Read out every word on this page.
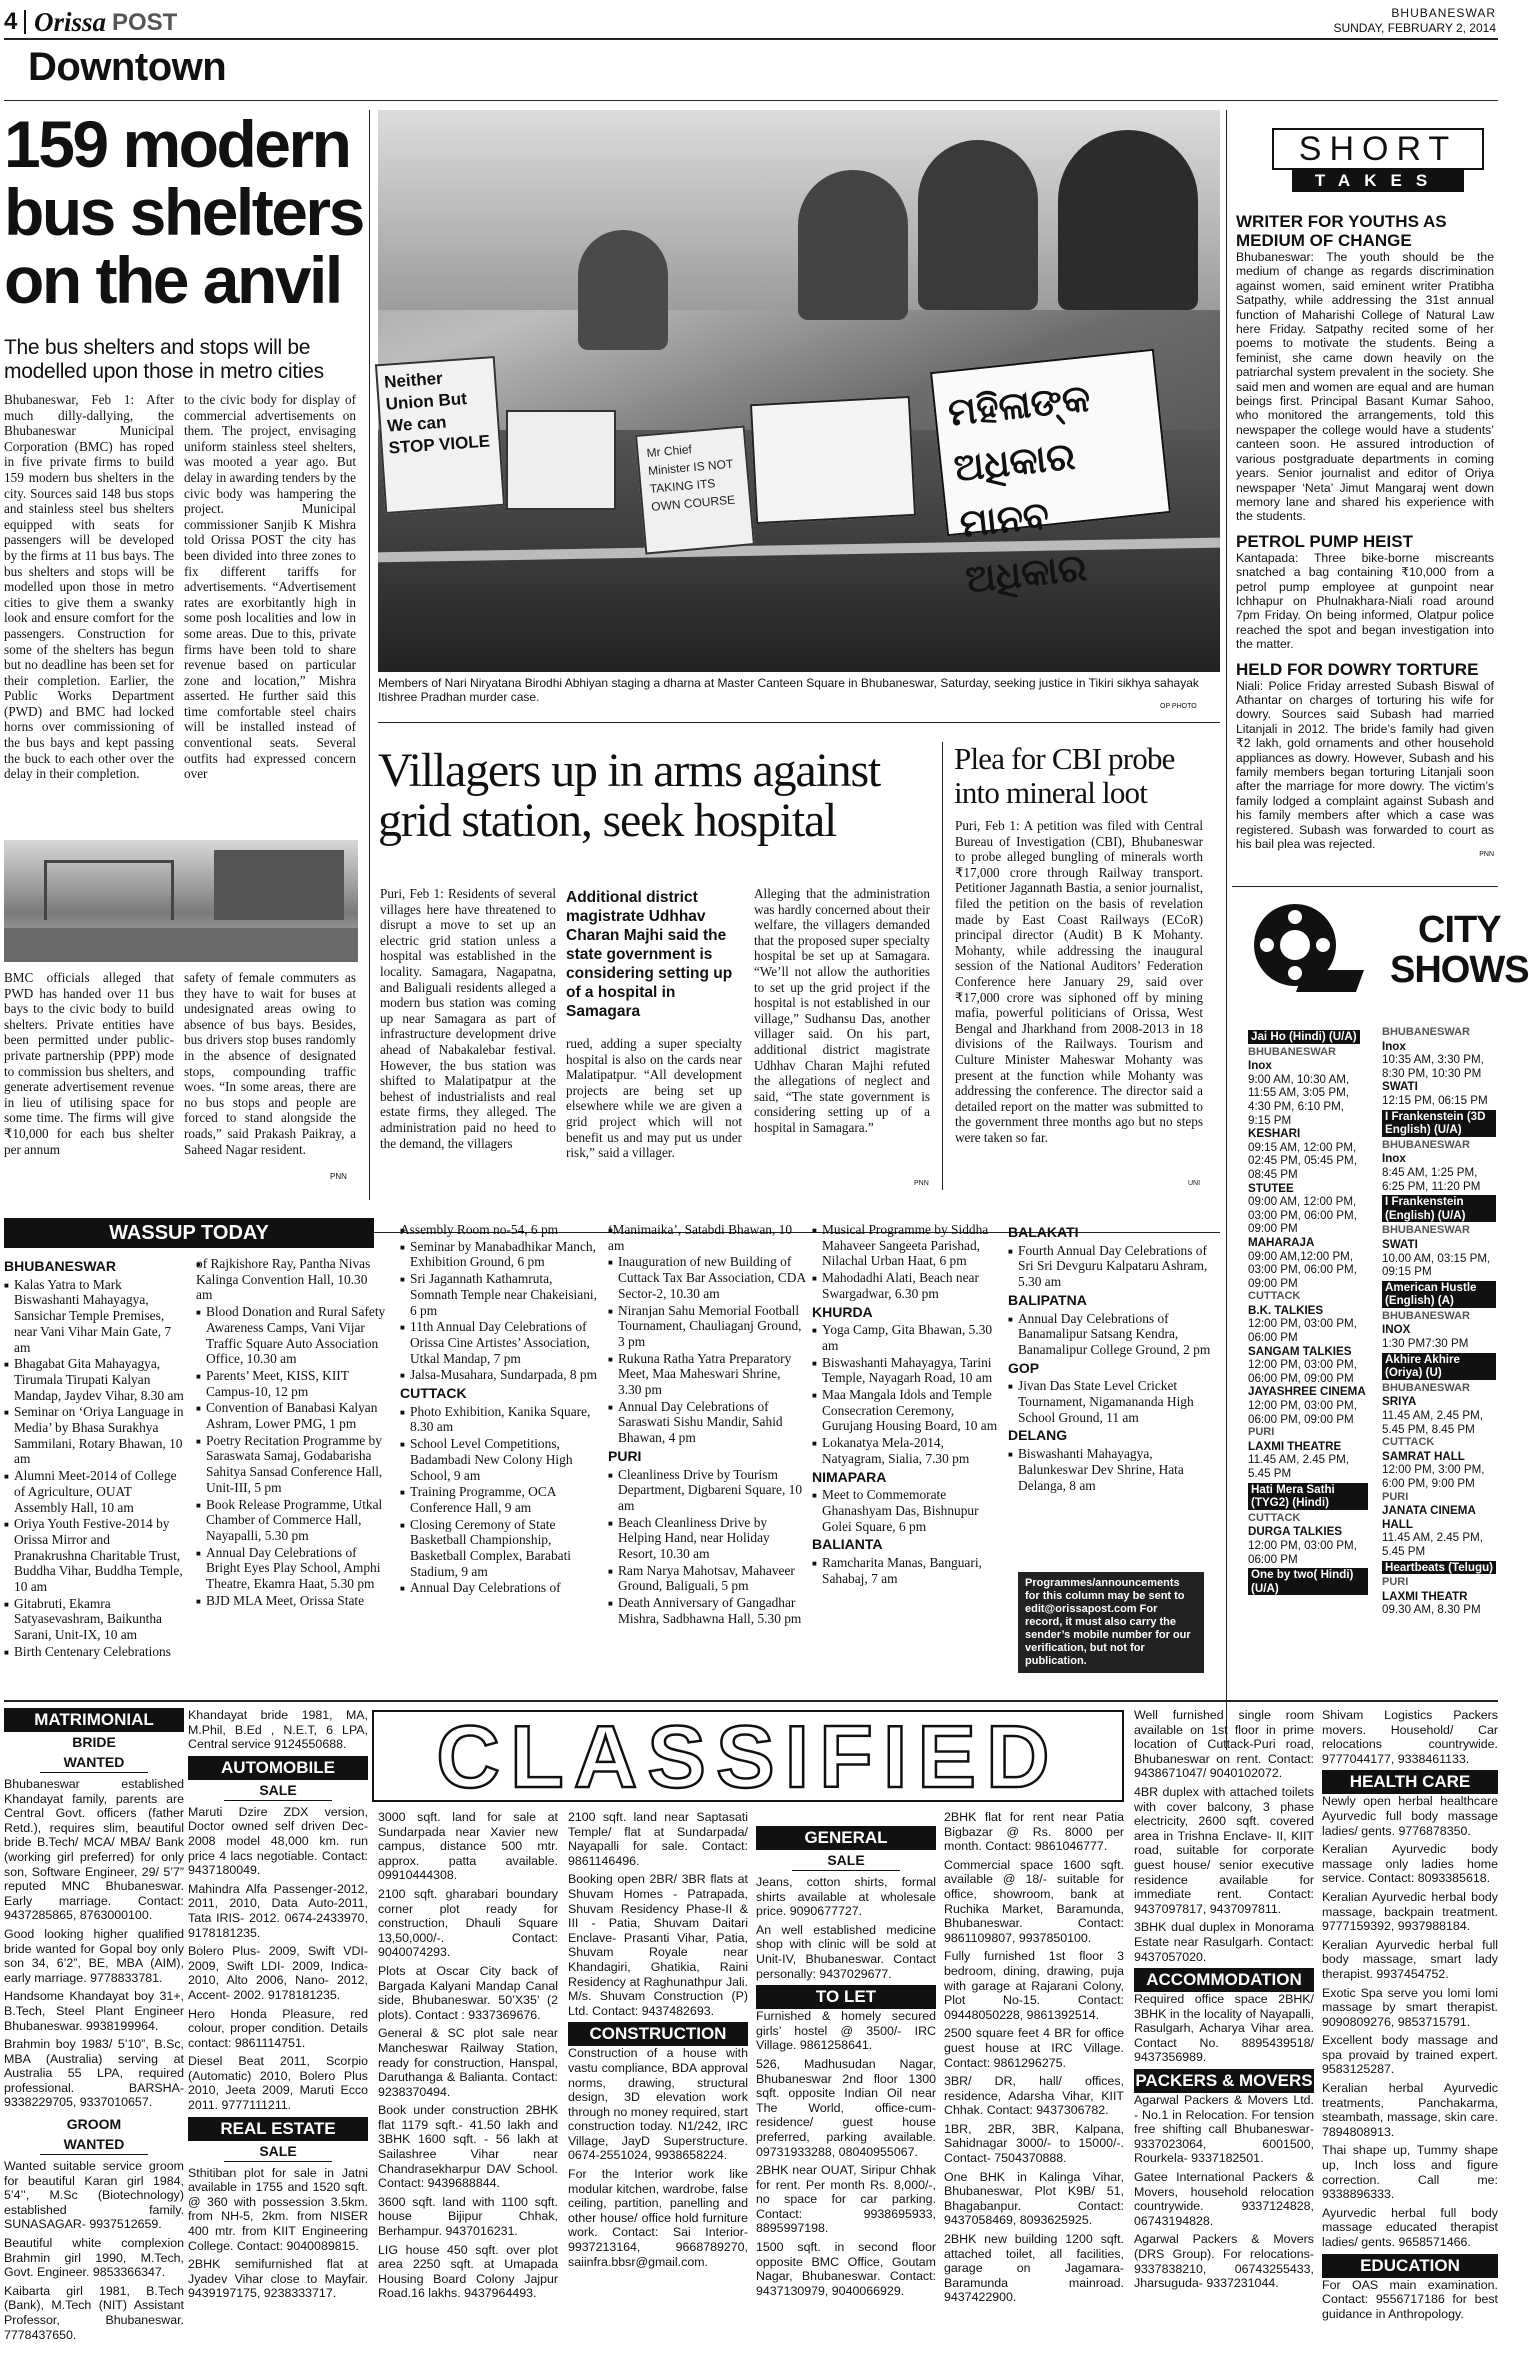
4 Orissa POST	BHUBANESWAR
SUNDAY, FEBRUARY 2, 2014
Downtown
159 modern bus shelters on the anvil
The bus shelters and stops will be modelled upon those in metro cities
Bhubaneswar, Feb 1: After much dilly-dallying, the Bhubaneswar Municipal Corporation (BMC) has roped in five private firms to build 159 modern bus shelters in the city. Sources said 148 bus stops and stainless steel bus shelters equipped with seats for passengers will be developed by the firms at 11 bus bays. The bus shelters and stops will be modelled upon those in metro cities to give them a swanky look and ensure comfort for the passengers. Construction for some of the shelters has begun but no deadline has been set for their completion. Earlier, the Public Works Department (PWD) and BMC had locked horns over commissioning of the bus bays and kept passing the buck to each other over the delay in their completion.
to the civic body for display of commercial advertisements on them. The project, envisaging uniform stainless steel shelters, was mooted a year ago. But delay in awarding tenders by the civic body was hampering the project. Municipal commissioner Sanjib K Mishra told Orissa POST the city has been divided into three zones to fix different tariffs for advertisements. “Advertisement rates are exorbitantly high in some posh localities and low in some areas. Due to this, private firms have been told to share revenue based on particular zone and location,” Mishra asserted. He further said this time comfortable steel chairs will be installed instead of conventional seats. Several outfits had expressed concern over
BMC officials alleged that PWD has handed over 11 bus bays to the civic body to build shelters. Private entities have been permitted under public-private partnership (PPP) mode to commission bus shelters, and generate advertisement revenue in lieu of utilising space for some time. The firms will give ₹10,000 for each bus shelter per annum
safety of female commuters as they have to wait for buses at undesignated areas owing to absence of bus bays. Besides, bus drivers stop buses randomly in the absence of designated stops, compounding traffic woes. “In some areas, there are no bus stops and people are forced to stand alongside the roads,” said Prakash Paikray, a Saheed Nagar resident.
PNN
Neither Union But We can STOP VIOLE	Mr Chief Minister IS NOT TAKING ITS OWN COURSE
ମହିଳାଙ୍କ ଅଧିକାର ମାନବ ଅଧିକାର
Members of Nari Niryatana Birodhi Abhiyan staging a dharna at Master Canteen Square in Bhubaneswar, Saturday, seeking justice in Tikiri sikhya sahayak Itishree Pradhan murder case.
OP PHOTO
Villagers up in arms against grid station, seek hospital
Puri, Feb 1: Residents of several villages here have threatened to disrupt a move to set up an electric grid station unless a hospital was established in the locality. Samagara, Nagapatna, and Baliguali residents alleged a modern bus station was coming up near Samagara as part of infrastructure development drive ahead of Nabakalebar festival. However, the bus station was shifted to Malatipatpur at the behest of industrialists and real estate firms, they alleged. The administration paid no heed to the demand, the villagers
Additional district magistrate Udhhav Charan Majhi said the state government is considering setting up of a hospital in Samagara
rued, adding a super specialty hospital is also on the cards near Malatipatpur. “All development projects are being set up elsewhere while we are given a grid project which will not benefit us and may put us under risk,” said a villager.
Alleging that the administration was hardly concerned about their welfare, the villagers demanded that the proposed super specialty hospital be set up at Samagara. “We’ll not allow the authorities to set up the grid project if the hospital is not established in our village,” Sudhansu Das, another villager said. On his part, additional district magistrate Udhhav Charan Majhi refuted the allegations of neglect and said, “The state government is considering setting up of a hospital in Samagara.”
PNN
Plea for CBI probe into mineral loot
Puri, Feb 1: A petition was filed with Central Bureau of Investigation (CBI), Bhubaneswar to probe alleged bungling of minerals worth ₹17,000 crore through Railway transport. Petitioner Jagannath Bastia, a senior journalist, filed the petition on the basis of revelation made by East Coast Railways (ECoR) principal director (Audit) B K Mohanty. Mohanty, while addressing the inaugural session of the National Auditors’ Federation Conference here January 29, said over ₹17,000 crore was siphoned off by mining mafia, powerful politicians of Orissa, West Bengal and Jharkhand from 2008-2013 in 18 divisions of the Railways. Tourism and Culture Minister Maheswar Mohanty was present at the function while Mohanty was addressing the conference. The director said a detailed report on the matter was submitted to the government three months ago but no steps were taken so far.
UNI
SHORT
TAKES
WRITER FOR YOUTHS AS MEDIUM OF CHANGE
Bhubaneswar: The youth should be the medium of change as regards discrimination against women, said eminent writer Pratibha Satpathy, while addressing the 31st annual function of Maharishi College of Natural Law here Friday. Satpathy recited some of her poems to motivate the students. Being a feminist, she came down heavily on the patriarchal system prevalent in the society. She said men and women are equal and are human beings first. Principal Basant Kumar Sahoo, who monitored the arrangements, told this newspaper the college would have a students’ canteen soon. He assured introduction of various postgraduate departments in coming years. Senior journalist and editor of Oriya newspaper ‘Neta’ Jimut Mangaraj went down memory lane and shared his experience with the students.
PETROL PUMP HEIST
Kantapada: Three bike-borne miscreants snatched a bag containing ₹10,000 from a petrol pump employee at gunpoint near Ichhapur on Phulnakhara-Niali road around 7pm Friday. On being informed, Olatpur police reached the spot and began investigation into the matter.
HELD FOR DOWRY TORTURE
Niali: Police Friday arrested Subash Biswal of Athantar on charges of torturing his wife for dowry. Sources said Subash had married Litanjali in 2012. The bride’s family had given ₹2 lakh, gold ornaments and other household appliances as dowry. However, Subash and his family members began torturing Litanjali soon after the marriage for more dowry. The victim’s family lodged a complaint against Subash and his family members after which a case was registered. Subash was forwarded to court as his bail plea was rejected.
PNN
CITY
SHOWS
Jai Ho (Hindi) (U/A)
BHUBANESWAR
Inox
9:00 AM, 10:30 AM, 11:55 AM, 3:05 PM, 4:30 PM, 6:10 PM, 9:15 PM
KESHARI
09:15 AM, 12:00 PM, 02:45 PM, 05:45 PM, 08:45 PM
STUTEE
09:00 AM, 12:00 PM, 03:00 PM, 06:00 PM, 09:00 PM
MAHARAJA
09:00 AM,12:00 PM, 03:00 PM, 06:00 PM, 09:00 PM
CUTTACK
B.K. TALKIES
12:00 PM, 03:00 PM, 06:00 PM
SANGAM TALKIES
12:00 PM, 03:00 PM, 06:00 PM, 09:00 PM
JAYASHREE CINEMA
12:00 PM, 03:00 PM, 06:00 PM, 09:00 PM
PURI
LAXMI THEATRE
11.45 AM, 2.45 PM, 5.45 PM
Hati Mera Sathi (TYG2) (Hindi)
CUTTACK
DURGA TALKIES
12:00 PM, 03:00 PM, 06:00 PM
One by two( Hindi) (U/A)
BHUBANESWAR
Inox
10:35 AM, 3:30 PM, 8:30 PM, 10:30 PM
SWATI
12:15 PM, 06:15 PM
I Frankenstein (3D English) (U/A)
BHUBANESWAR
Inox
8:45 AM, 1:25 PM, 6:25 PM, 11:20 PM
I Frankenstein (English) (U/A)
BHUBANESWAR
SWATI
10.00 AM, 03:15 PM, 09:15 PM
American Hustle (English) (A)
BHUBANESWAR
INOX
1:30 PM7:30 PM
Akhire Akhire (Oriya) (U)
BHUBANESWAR
SRIYA
11.45 AM, 2.45 PM, 5.45 PM, 8.45 PM
CUTTACK
SAMRAT HALL
12:00 PM, 3:00 PM, 6:00 PM, 9:00 PM
PURI
JANATA CINEMA HALL
11.45 AM, 2.45 PM, 5.45 PM
Heartbeats (Telugu)
PURI
LAXMI THEATR
09.30 AM, 8.30 PM
WASSUP TODAY
BHUBANESWAR
■ Kalas Yatra to Mark Biswashanti Mahayagya, Sansichar Temple Premises, near Vani Vihar Main Gate, 7 am
■ Bhagabat Gita Mahayagya, Tirumala Tirupati Kalyan Mandap, Jaydev Vihar, 8.30 am
■ Seminar on ‘Oriya Language in Media’ by Bhasa Surakhya Sammilani, Rotary Bhawan, 10 am
■ Alumni Meet-2014 of College of Agriculture, OUAT Assembly Hall, 10 am
■ Oriya Youth Festive-2014 by Orissa Mirror and Pranakrushna Charitable Trust, Buddha Vihar, Buddha Temple, 10 am
■ Gitabruti, Ekamra Satyasevashram, Baikuntha Sarani, Unit-IX, 10 am
■ Birth Centenary Celebrations
■ of Rajkishore Ray, Pantha Nivas Kalinga Convention Hall, 10.30 am
■ Blood Donation and Rural Safety Awareness Camps, Vani Vijar Traffic Square Auto Association Office, 10.30 am
■ Parents’ Meet, KISS, KIIT Campus-10, 12 pm
■ Convention of Banabasi Kalyan Ashram, Lower PMG, 1 pm
■ Poetry Recitation Programme by Saraswata Samaj, Godabarisha Sahitya Sansad Conference Hall, Unit-III, 5 pm
■ Book Release Programme, Utkal Chamber of Commerce Hall, Nayapalli, 5.30 pm
■ Annual Day Celebrations of Bright Eyes Play School, Amphi Theatre, Ekamra Haat, 5.30 pm
■ BJD MLA Meet, Orissa State
■ Assembly Room no-54, 6 pm
■ Seminar by Manabadhikar Manch, Exhibition Ground, 6 pm
■ Sri Jagannath Kathamruta, Somnath Temple near Chakeisiani, 6 pm
■ 11th Annual Day Celebrations of Orissa Cine Artistes’ Association, Utkal Mandap, 7 pm
■ Jalsa-Musahara, Sundarpada, 8 pm
CUTTACK
■ Photo Exhibition, Kanika Square, 8.30 am
■ School Level Competitions, Badambadi New Colony High School, 9 am
■ Training Programme, OCA Conference Hall, 9 am
■ Closing Ceremony of State Basketball Championship, Basketball Complex, Barabati Stadium, 9 am
■ Annual Day Celebrations of
■ ‘Manimaika’, Satabdi Bhawan, 10 am
■ Inauguration of new Building of Cuttack Tax Bar Association, CDA Sector-2, 10.30 am
■ Niranjan Sahu Memorial Football Tournament, Chauliaganj Ground, 3 pm
■ Rukuna Ratha Yatra Preparatory Meet, Maa Maheswari Shrine, 3.30 pm
■ Annual Day Celebrations of Saraswati Sishu Mandir, Sahid Bhawan, 4 pm
PURI
■ Cleanliness Drive by Tourism Department, Digbareni Square, 10 am
■ Beach Cleanliness Drive by Helping Hand, near Holiday Resort, 10.30 am
■ Ram Narya Mahotsav, Mahaveer Ground, Baliguali, 5 pm
■ Death Anniversary of Gangadhar Mishra, Sadbhawna Hall, 5.30 pm
■ Musical Programme by Siddha Mahaveer Sangeeta Parishad, Nilachal Urban Haat, 6 pm
■ Mahodadhi Alati, Beach near Swargadwar, 6.30 pm
KHURDA
■ Yoga Camp, Gita Bhawan, 5.30 am
■ Biswashanti Mahayagya, Tarini Temple, Nayagarh Road, 10 am
■ Maa Mangala Idols and Temple Consecration Ceremony, Gurujang Housing Board, 10 am
■ Lokanatya Mela-2014, Natyagram, Sialia, 7.30 pm
NIMAPARA
■ Meet to Commemorate Ghanashyam Das, Bishnupur Golei Square, 6 pm
BALIANTA
■ Ramcharita Manas, Banguari, Sahabaj, 7 am
BALAKATI
■ Fourth Annual Day Celebrations of Sri Sri Devguru Kalpataru Ashram, 5.30 am
BALIPATNA
■ Annual Day Celebrations of Banamalipur Satsang Kendra, Banamalipur College Ground, 2 pm
GOP
■ Jivan Das State Level Cricket Tournament, Nigamananda High School Ground, 11 am
DELANG
■ Biswashanti Mahayagya, Balunkeswar Dev Shrine, Hata Delanga, 8 am
Programmes/announcements for this column may be sent to edit@orissapost.com For record, it must also carry the sender’s mobile number for our verification, but not for publication.
CLASSIFIED
MATRIMONIAL
BRIDE WANTED

Bhubaneswar established Khandayat family, parents are Central Govt. officers (father Retd.), requires slim, beautiful bride B.Tech/ MCA/ MBA/ Bank (working girl preferred) for only son, Software Engineer, 29/ 5’7” reputed MNC Bhubaneswar. Early marriage. Contact: 9437285865, 8763000100.

Good looking higher qualified bride wanted for Gopal boy only son 34, 6’2”, BE, MBA (AIM), early marriage. 9778833781.

Handsome Khandayat boy 31+, B.Tech, Steel Plant Engineer Bhubaneswar. 9938199964.

Brahmin boy 1983/ 5’10”, B.Sc, MBA (Australia) serving at Australia 55 LPA, required professional. BARSHA- 9338229705, 9337010657.

GROOM WANTED

Wanted suitable service groom for beautiful Karan girl 1984, 5’4’’, M.Sc (Biotechnology) established family. SUNASAGAR- 9937512659.

Beautiful white complexion Brahmin girl 1990, M.Tech, Govt. Engineer. 9853366347.

Kaibarta girl 1981, B.Tech (Bank), M.Tech (NIT) Assistant Professor, Bhubaneswar. 7778437650.

Khandayat bride 1981, MA, M.Phil, B.Ed , N.E.T, 6 LPA, Central service 9124550688.

AUTOMOBILE
SALE

Maruti Dzire ZDX version, Doctor owned self driven Dec-2008 model 48,000 km. run price 4 lacs negotiable. Contact: 9437180049.

Mahindra Alfa Passenger-2012, 2011, 2010, Data Auto-2011, Tata IRIS- 2012. 0674-2433970, 9178181235.

Bolero Plus- 2009, Swift VDI-2009, Swift LDI- 2009, Indica-2010, Alto 2006, Nano- 2012, Accent- 2002. 9178181235.

Hero Honda Pleasure, red colour, proper condition. Details contact: 9861114751.

Diesel Beat 2011, Scorpio (Automatic) 2010, Bolero Plus 2010, Jeeta 2009, Maruti Ecco 2011. 9777111211.

REAL ESTATE
SALE

Sthitiban plot for sale in Jatni available in 1755 and 1520 sqft. @ 360 with possession 3.5km. from NH-5, 2km. from NISER 400 mtr. from KIIT Engineering College. Contact: 9040089815.

2BHK semifurnished flat at Jyadev Vihar close to Mayfair. 9439197175, 9238333717.

3000 sqft. land for sale at Sundarpada near Xavier new campus, distance 500 mtr. approx. patta available. 09910444308.

2100 sqft. gharabari boundary corner plot ready for construction, Dhauli Square 13,50,000/-. Contact: 9040074293.

Plots at Oscar City back of Bargada Kalyani Mandap Canal side, Bhubaneswar. 50’X35’ (2 plots). Contact : 9337369676.

General & SC plot sale near Mancheswar Railway Station, ready for construction, Hanspal, Daruthanga & Balianta. Contact: 9238370494.

Book under construction 2BHK flat 1179 sqft.- 41.50 lakh and 3BHK 1600 sqft. - 56 lakh at Sailashree Vihar near Chandrasekharpur DAV School. Contact: 9439688844.

3600 sqft. land with 1100 sqft. house Bijipur Chhak, Berhampur. 9437016231.

LIG house 450 sqft. over plot area 2250 sqft. at Umapada Housing Board Colony Jajpur Road.16 lakhs. 9437964493.

2100 sqft. land near Saptasati Temple/ flat at Sundarpada/ Nayapalli for sale. Contact: 9861146496.

Booking open 2BR/ 3BR flats at Shuvam Homes - Patrapada, Shuvam Residency Phase-II & III - Patia, Shuvam Daitari Enclave- Prasanti Vihar, Patia, Shuvam Royale near Khandagiri, Ghatikia, Raini Residency at Raghunathpur Jali. M/s. Shuvam Construction (P) Ltd. Contact: 9437482693.

CONSTRUCTION

Construction of a house with vastu compliance, BDA approval norms, drawing, structural design, 3D elevation work through no money required, start construction today. N1/242, IRC Village, JayD Superstructure. 0674-2551024, 9938658224.

For the Interior work like modular kitchen, wardrobe, false ceiling, partition, panelling and other house/ office hold furniture work. Contact: Sai Interior- 9937213164, 9668789270, saiinfra.bbsr@gmail.com.

GENERAL
SALE

Jeans, cotton shirts, formal shirts available at wholesale price. 9090677727.

An well established medicine shop with clinic will be sold at Unit-IV, Bhubaneswar. Contact personally: 9437029677.

TO LET

Furnished & homely secured girls’ hostel @ 3500/- IRC Village. 9861258641.

526, Madhusudan Nagar, Bhubaneswar 2nd floor 1300 sqft. opposite Indian Oil near The World, office-cum-residence/ guest house preferred, parking available. 09731933288, 08040955067.

2BHK near OUAT, Siripur Chhak for rent. Per month Rs. 8,000/-, no space for car parking. Contact: 9938695933, 8895997198.

1500 sqft. in second floor opposite BMC Office, Goutam Nagar, Bhubaneswar. Contact: 9437130979, 9040066929.

2BHK flat for rent near Patia Bigbazar @ Rs. 8000 per month. Contact: 9861046777.

Commercial space 1600 sqft. available @ 18/- suitable for office, showroom, bank at Ruchika Market, Baramunda, Bhubaneswar. Contact: 9861109807, 9937850100.

Fully furnished 1st floor 3 bedroom, dining, drawing, puja with garage at Rajarani Colony, Plot No-15. Contact: 09448050228, 9861392514.

2500 square feet 4 BR for office guest house at IRC Village. Contact: 9861296275.

3BR/ DR, hall/ offices, residence, Adarsha Vihar, KIIT Chhak. Contact: 9437306782.

1BR, 2BR, 3BR, Kalpana, Sahidnagar 3000/- to 15000/-. Contact- 7504370888.

One BHK in Kalinga Vihar, Bhubaneswar, Plot K9B/ 51, Bhagabanpur. Contact: 9437058469, 8093625925.

2BHK new building 1200 sqft. attached toilet, all facilities, garage on Jagamara- Baramunda mainroad. 9437422900.

Well furnished single room available on 1st floor in prime location of Cuttack-Puri road, Bhubaneswar on rent. Contact: 9438671047/ 9040102072.

4BR duplex with attached toilets with cover balcony, 3 phase electricity, 2600 sqft. covered area in Trishna Enclave- II, KIIT road, suitable for corporate guest house/ senior executive residence available for immediate rent. Contact: 9437097817, 9437097811.

3BHK dual duplex in Monorama Estate near Rasulgarh. Contact: 9437057020.

ACCOMMODATION

Required office space 2BHK/ 3BHK in the locality of Nayapalli, Rasulgarh, Acharya Vihar area. Contact No. 8895439518/ 9437356989.

PACKERS & MOVERS

Agarwal Packers & Movers Ltd. - No.1 in Relocation. For tension free shifting call Bhubaneswar- 9337023064, 6001500, Rourkela- 9337182501.

Gatee International Packers & Movers, household relocation countrywide. 9337124828, 06743194828.

Agarwal Packers & Movers (DRS Group). For relocations- 9337838210, 06743255433, Jharsuguda- 9337231044.

Shivam Logistics Packers movers. Household/ Car relocations countrywide. 9777044177, 9338461133.

HEALTH CARE

Newly open herbal healthcare Ayurvedic full body massage ladies/ gents. 9776878350.

Keralian Ayurvedic body massage only ladies home service. Contact: 8093385618.

Keralian Ayurvedic herbal body massage, backpain treatment. 9777159392, 9937988184.

Keralian Ayurvedic herbal full body massage, smart lady therapist. 9937454752.

Exotic Spa serve you lomi lomi massage by smart therapist. 9090809276, 9853715791.

Excellent body massage and spa provaid by trained expert. 9583125287.

Keralian herbal Ayurvedic treatments, Panchakarma, steambath, massage, skin care. 7894808913.

Thai shape up, Tummy shape up, Inch loss and figure correction. Call me: 9338896333.

Ayurvedic herbal full body massage educated therapist ladies/ gents. 9658571466.

EDUCATION

For OAS main examination. Contact: 9556717186 for best guidance in Anthropology.
